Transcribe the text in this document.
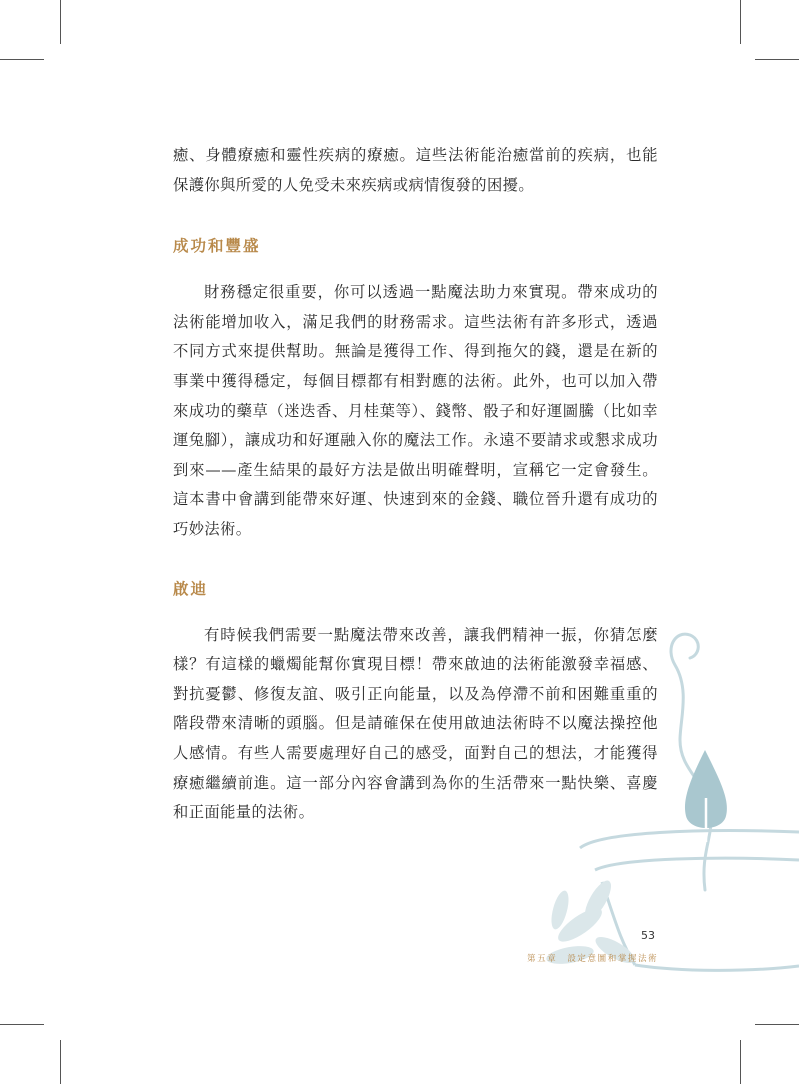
癒、身體療癒和靈性疾病的療癒。這些法術能治癒當前的疾病，也能保護你與所愛的人免受未來疾病或病情復發的困擾。

成功和豐盛

財務穩定很重要，你可以透過一點魔法助力來實現。帶來成功的法術能增加收入，滿足我們的財務需求。這些法術有許多形式，透過不同方式來提供幫助。無論是獲得工作、得到拖欠的錢，還是在新的事業中獲得穩定，每個目標都有相對應的法術。此外，也可以加入帶來成功的藥草（迷迭香、月桂葉等）、錢幣、骰子和好運圖騰（比如幸運兔腳），讓成功和好運融入你的魔法工作。永遠不要請求或懇求成功到來——產生結果的最好方法是做出明確聲明，宣稱它一定會發生。這本書中會講到能帶來好運、快速到來的金錢、職位晉升還有成功的巧妙法術。

啟迪

有時候我們需要一點魔法帶來改善，讓我們精神一振，你猜怎麼樣？有這樣的蠟燭能幫你實現目標！帶來啟迪的法術能激發幸福感、對抗憂鬱、修復友誼、吸引正向能量，以及為停滯不前和困難重重的階段帶來清晰的頭腦。但是請確保在使用啟迪法術時不以魔法操控他人感情。有些人需要處理好自己的感受，面對自己的想法，才能獲得療癒繼續前進。這一部分內容會講到為你的生活帶來一點快樂、喜慶和正面能量的法術。

53
第五章 設定意圖和掌握法術
